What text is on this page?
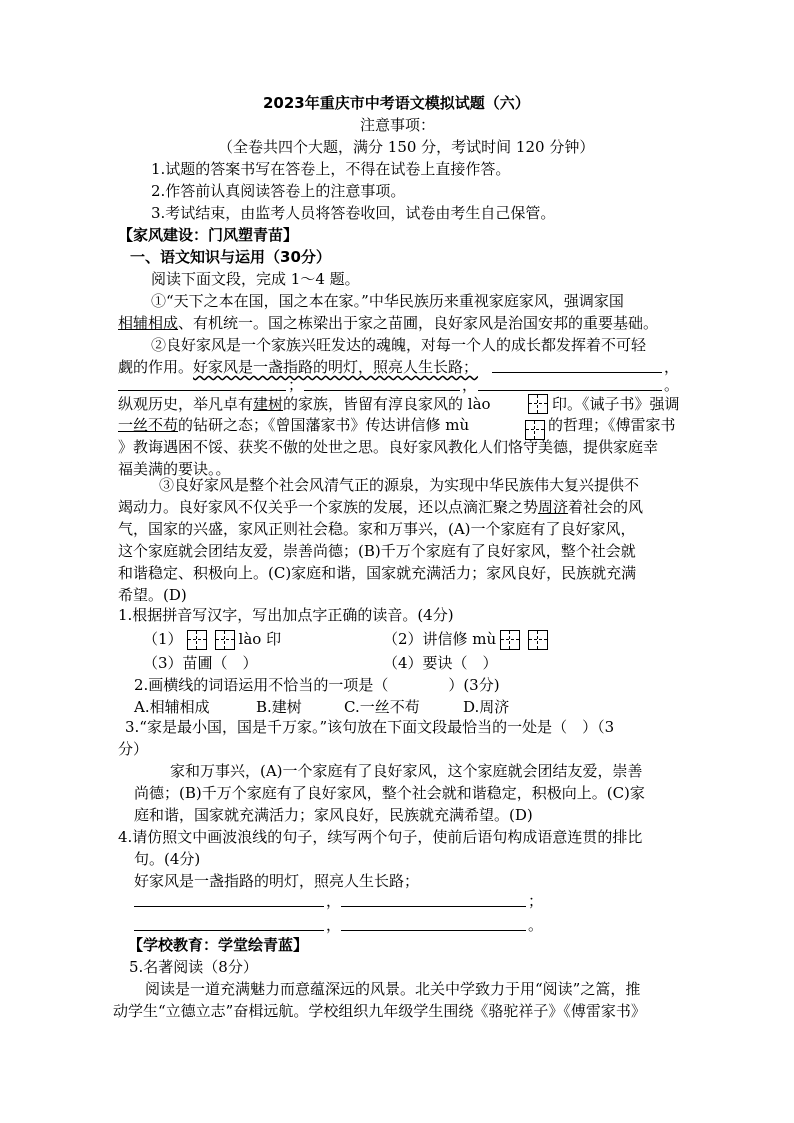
2023年重庆市中考语文模拟试题（六）
注意事项：
（全卷共四个大题，满分 150 分，考试时间 120 分钟）
1.试题的答案书写在答卷上，不得在试卷上直接作答。
2.作答前认真阅读答卷上的注意事项。
3.考试结束，由监考人员将答卷收回，试卷由考生自己保管。
【家风建设：门风塑青苗】
一、语文知识与运用（30分）
阅读下面文段，完成 1～4 题。
①“天下之本在国，国之本在家。”中华民族历来重视家庭家风，强调家国
相辅相成、有机统一。国之栋梁出于家之苗圃，良好家风是治国安邦的重要基础。
②良好家风是一个家族兴旺发达的魂魄，对每一个人的成长都发挥着不可轻
觑的作用。好家风是一盏指路的明灯，照亮人生长路；	，
；	，	。
纵观历史，举凡卓有建树的家族，皆留有淳良家风的 lào	印。《诫子书》强调
一丝不苟的钻研之态；《曾国藩家书》传达讲信修 mù	的哲理；《傅雷家书
》教诲遇困不馁、获奖不傲的处世之思。良好家风教化人们恪守美德，提供家庭幸
福美满的要诀。。
③良好家风是整个社会风清气正的源泉，为实现中华民族伟大复兴提供不
竭动力。良好家风不仅关乎一个家族的发展，还以点滴汇聚之势周济着社会的风
气，国家的兴盛，家风正则社会稳。家和万事兴，(A)一个家庭有了良好家风，
这个家庭就会团结友爱，崇善尚德；(B)千万个家庭有了良好家风，整个社会就
和谐稳定、积极向上。(C)家庭和谐，国家就充满活力；家风良好，民族就充满
希望。(D)
1.根据拼音写汉字，写出加点字正确的读音。(4分)
（1）	lào 印	（2）讲信修 mù
（3）苗圃（　）	（4）要诀（　）
2.画横线的词语运用不恰当的一项是（　　　　）(3分)
A.相辅相成	B.建树	C.一丝不苟	D.周济
3.“家是最小国，国是千万家。”该句放在下面文段最恰当的一处是（　）（3
分）
家和万事兴，(A)一个家庭有了良好家风，这个家庭就会团结友爱，崇善
尚德；(B)千万个家庭有了良好家风，整个社会就和谐稳定，积极向上。(C)家
庭和谐，国家就充满活力；家风良好，民族就充满希望。(D)
4.请仿照文中画波浪线的句子，续写两个句子，使前后语句构成语意连贯的排比
句。(4分)
好家风是一盏指路的明灯，照亮人生长路；
，	；
，	。
【学校教育：学堂绘青蓝】
5.名著阅读（8分）
阅读是一道充满魅力而意蕴深远的风景。北关中学致力于用“阅读”之篙，推
动学生“立德立志”奋楫远航。学校组织九年级学生围绕《骆驼祥子》《傅雷家书》
